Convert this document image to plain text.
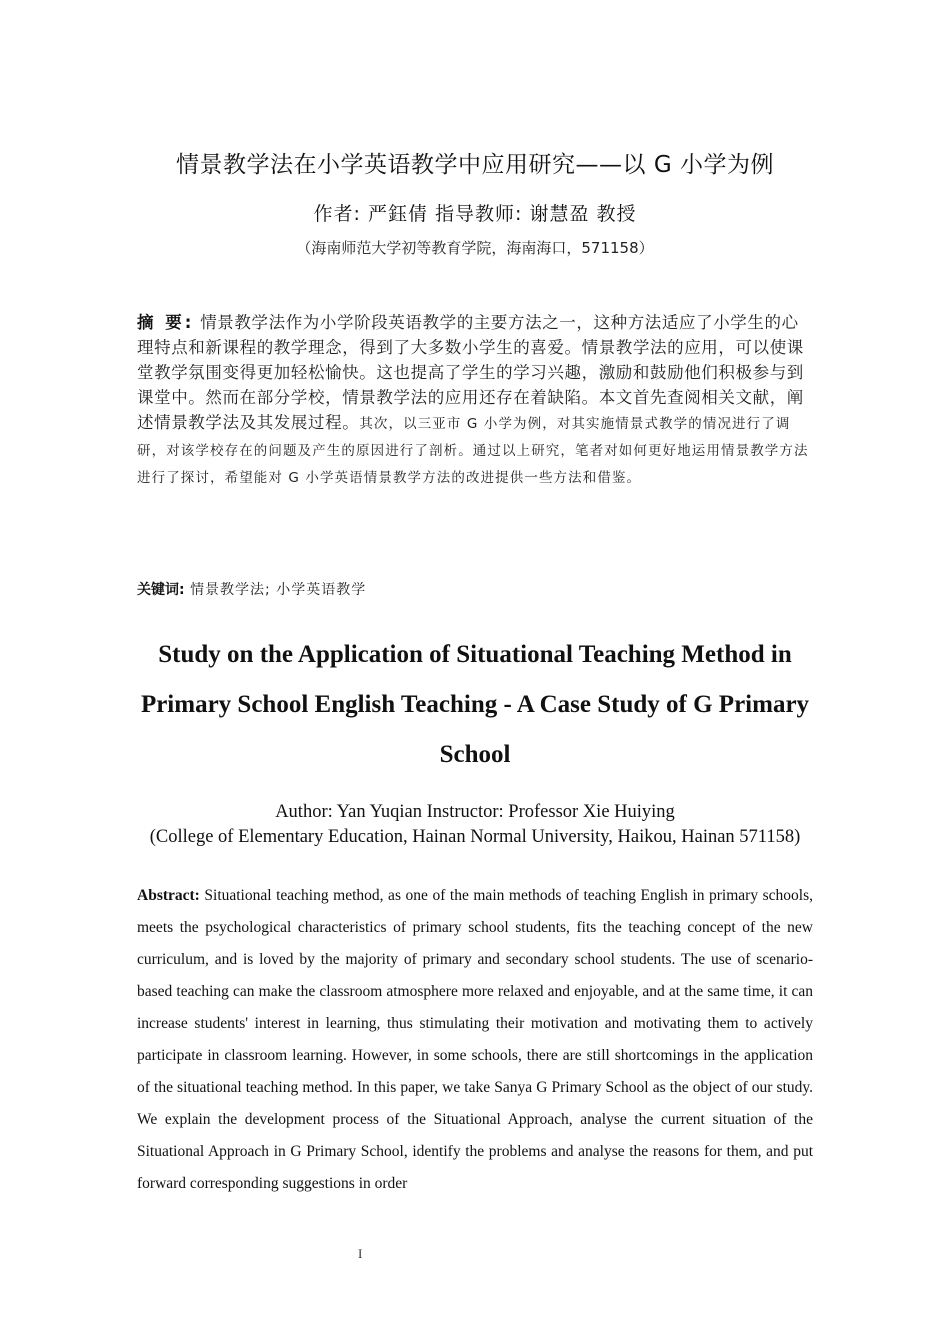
情景教学法在小学英语教学中应用研究——以 G 小学为例
作者: 严鈺倩 指导教师: 谢慧盈 教授
（海南师范大学初等教育学院，海南海口，571158）

摘 要: 情景教学法作为小学阶段英语教学的主要方法之一，这种方法适应了小学生的心理特点和新课程的教学理念，得到了大多数小学生的喜爱。情景教学法的应用，可以使课堂教学氛围变得更加轻松愉快。这也提高了学生的学习兴趣，激励和鼓励他们积极参与到课堂中。然而在部分学校，情景教学法的应用还存在着缺陷。本文首先查阅相关文献，阐述情景教学法及其发展过程。其次，以三亚市 G 小学为例，对其实施情景式教学的情况进行了调研，对该学校存在的问题及产生的原因进行了剖析。通过以上研究，笔者对如何更好地运用情景教学方法进行了探讨，希望能对 G 小学英语情景教学方法的改进提供一些方法和借鉴。

关键词: 情景教学法; 小学英语教学
Study on the Application of Situational Teaching Method in Primary School English Teaching - A Case Study of G Primary School
Author: Yan Yuqian Instructor: Professor Xie Huiying
(College of Elementary Education, Hainan Normal University, Haikou, Hainan 571158)

Abstract: Situational teaching method, as one of the main methods of teaching English in primary schools, meets the psychological characteristics of primary school students, fits the teaching concept of the new curriculum, and is loved by the majority of primary and secondary school students. The use of scenario-based teaching can make the classroom atmosphere more relaxed and enjoyable, and at the same time, it can increase students' interest in learning, thus stimulating their motivation and motivating them to actively participate in classroom learning. However, in some schools, there are still shortcomings in the application of the situational teaching method. In this paper, we take Sanya G Primary School as the object of our study. We explain the development process of the Situational Approach, analyse the current situation of the Situational Approach in G Primary School, identify the problems and analyse the reasons for them, and put forward corresponding suggestions in order

I
